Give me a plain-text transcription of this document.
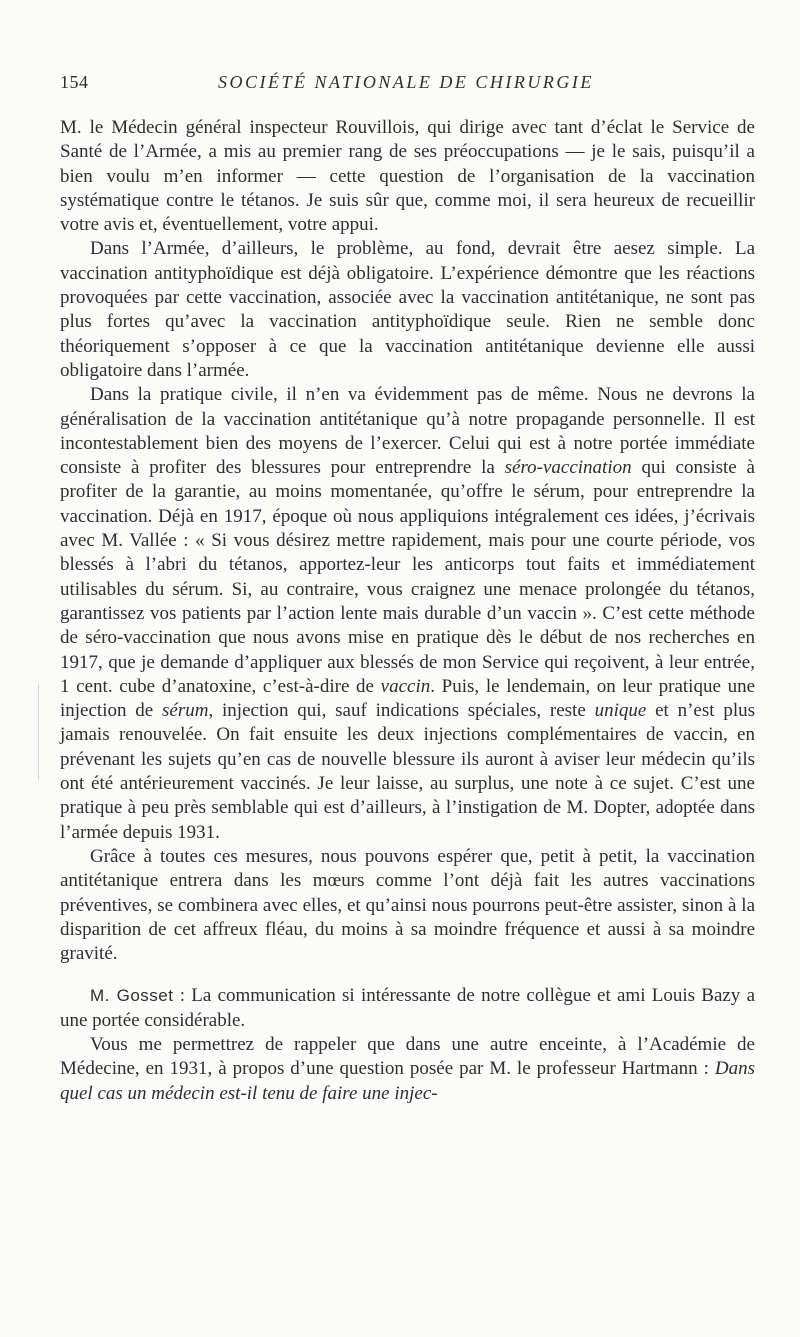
154	SOCIÉTÉ NATIONALE DE CHIRURGIE

M. le Médecin général inspecteur Rouvillois, qui dirige avec tant d’éclat le Service de Santé de l’Armée, a mis au premier rang de ses préoccupations — je le sais, puisqu’il a bien voulu m’en informer — cette question de l’organisation de la vaccination systématique contre le tétanos. Je suis sûr que, comme moi, il sera heureux de recueillir votre avis et, éventuellement, votre appui.

Dans l’Armée, d’ailleurs, le problème, au fond, devrait être aesez simple. La vaccination antityphoïdique est déjà obligatoire. L’expérience démontre que les réactions provoquées par cette vaccination, associée avec la vaccination antitétanique, ne sont pas plus fortes qu’avec la vaccination antityphoïdique seule. Rien ne semble donc théoriquement s’opposer à ce que la vaccination antitétanique devienne elle aussi obligatoire dans l’armée.

Dans la pratique civile, il n’en va évidemment pas de même. Nous ne devrons la généralisation de la vaccination antitétanique qu’à notre propagande personnelle. Il est incontestablement bien des moyens de l’exercer. Celui qui est à notre portée immédiate consiste à profiter des blessures pour entreprendre la séro-vaccination qui consiste à profiter de la garantie, au moins momentanée, qu’offre le sérum, pour entreprendre la vaccination. Déjà en 1917, époque où nous appliquions intégralement ces idées, j’écrivais avec M. Vallée : « Si vous désirez mettre rapidement, mais pour une courte période, vos blessés à l’abri du tétanos, apportez-leur les anticorps tout faits et immédiatement utilisables du sérum. Si, au contraire, vous craignez une menace prolongée du tétanos, garantissez vos patients par l’action lente mais durable d’un vaccin ». C’est cette méthode de séro-vaccination que nous avons mise en pratique dès le début de nos recherches en 1917, que je demande d’appliquer aux blessés de mon Service qui reçoivent, à leur entrée, 1 cent. cube d’anatoxine, c’est-à-dire de vaccin. Puis, le lendemain, on leur pratique une injection de sérum, injection qui, sauf indications spéciales, reste unique et n’est plus jamais renouvelée. On fait ensuite les deux injections complémentaires de vaccin, en prévenant les sujets qu’en cas de nouvelle blessure ils auront à aviser leur médecin qu’ils ont été antérieurement vaccinés. Je leur laisse, au surplus, une note à ce sujet. C’est une pratique à peu près semblable qui est d’ailleurs, à l’instigation de M. Dopter, adoptée dans l’armée depuis 1931.

Grâce à toutes ces mesures, nous pouvons espérer que, petit à petit, la vaccination antitétanique entrera dans les mœurs comme l’ont déjà fait les autres vaccinations préventives, se combinera avec elles, et qu’ainsi nous pourrons peut-être assister, sinon à la disparition de cet affreux fléau, du moins à sa moindre fréquence et aussi à sa moindre gravité.

M. Gosset : La communication si intéressante de notre collègue et ami Louis Bazy a une portée considérable.

Vous me permettrez de rappeler que dans une autre enceinte, à l’Académie de Médecine, en 1931, à propos d’une question posée par M. le professeur Hartmann : Dans quel cas un médecin est-il tenu de faire une injec-
